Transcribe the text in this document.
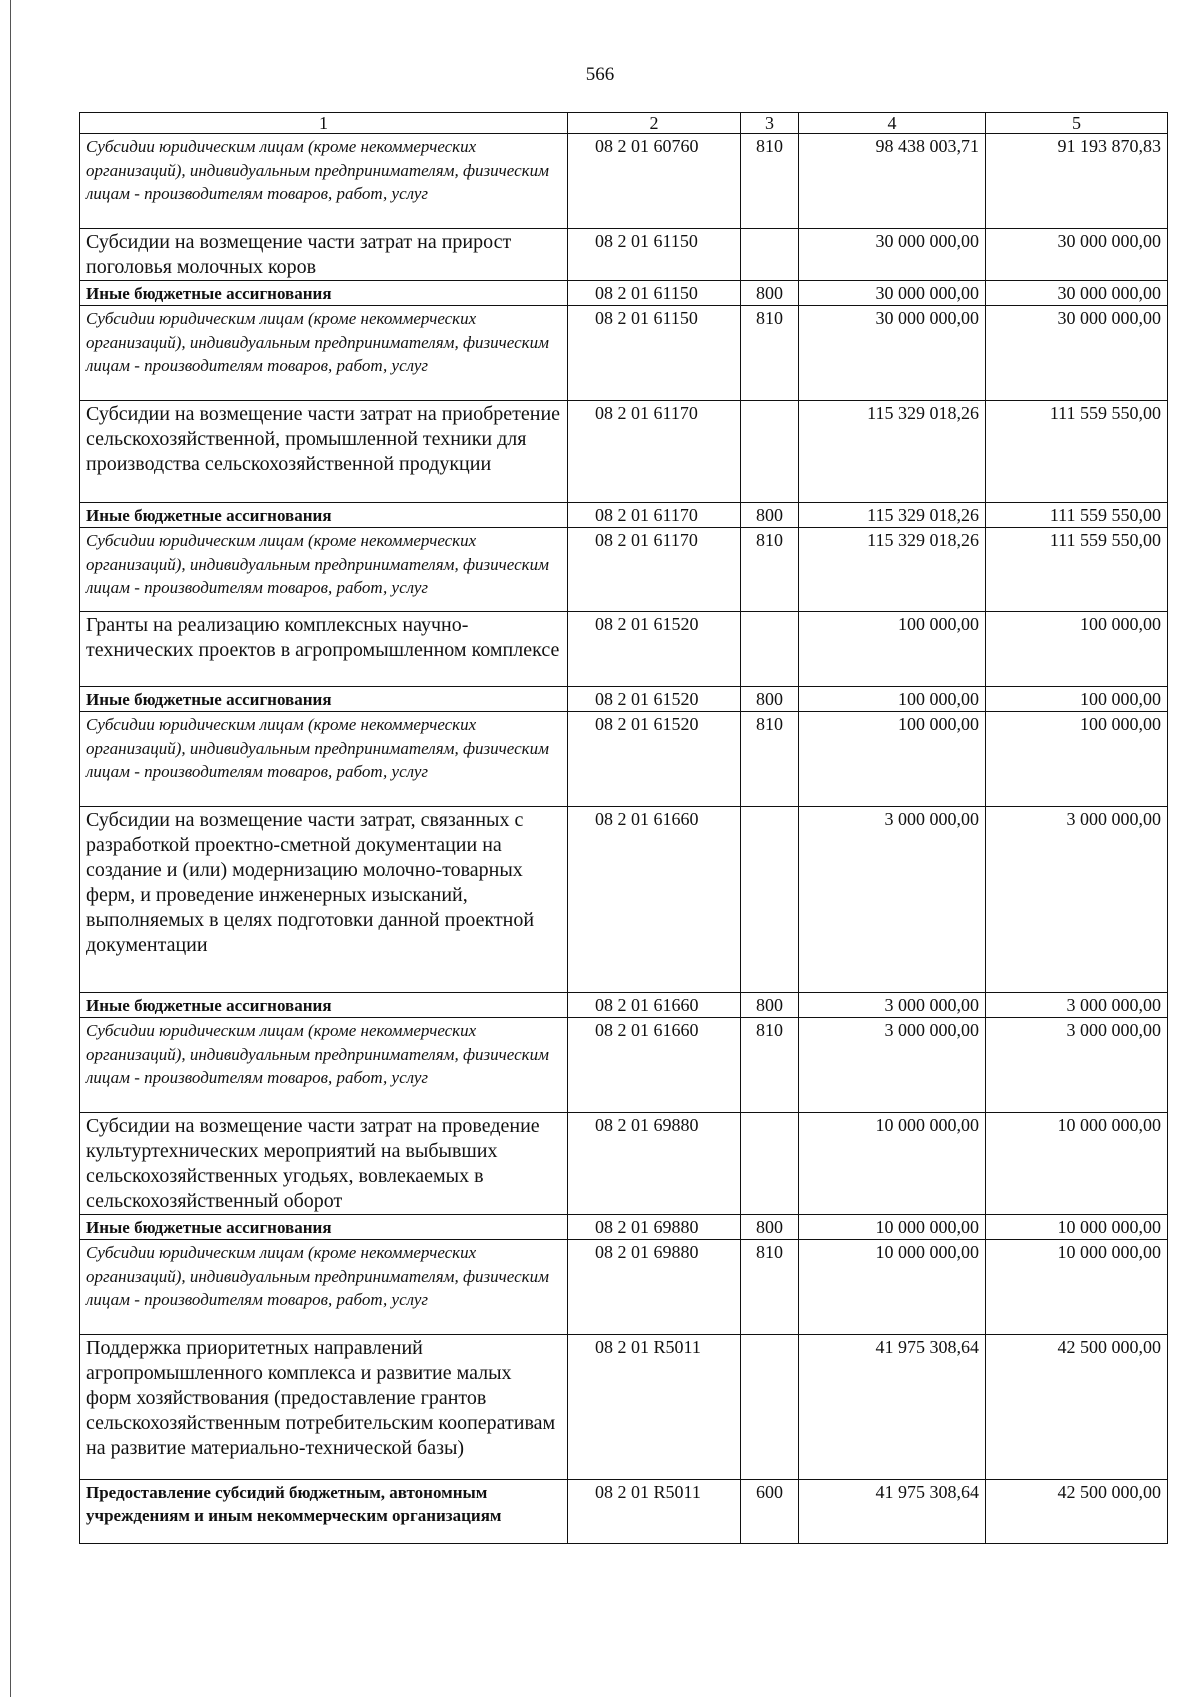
566
1	2	3	4	5
Субсидии юридическим лицам (кроме некоммерческих организаций), индивидуальным предпринимателям, физическим лицам - производителям товаров, работ, услуг	08 2 01 60760	810	98 438 003,71	91 193 870,83
Субсидии на возмещение части затрат на прирост поголовья молочных коров	08 2 01 61150		30 000 000,00	30 000 000,00
Иные бюджетные ассигнования	08 2 01 61150	800	30 000 000,00	30 000 000,00
Субсидии юридическим лицам (кроме некоммерческих организаций), индивидуальным предпринимателям, физическим лицам - производителям товаров, работ, услуг	08 2 01 61150	810	30 000 000,00	30 000 000,00
Субсидии на возмещение части затрат на приобретение сельскохозяйственной, промышленной техники для производства сельскохозяйственной продукции	08 2 01 61170		115 329 018,26	111 559 550,00
Иные бюджетные ассигнования	08 2 01 61170	800	115 329 018,26	111 559 550,00
Субсидии юридическим лицам (кроме некоммерческих организаций), индивидуальным предпринимателям, физическим лицам - производителям товаров, работ, услуг	08 2 01 61170	810	115 329 018,26	111 559 550,00
Гранты на реализацию комплексных научно-технических проектов в агропромышленном комплексе	08 2 01 61520		100 000,00	100 000,00
Иные бюджетные ассигнования	08 2 01 61520	800	100 000,00	100 000,00
Субсидии юридическим лицам (кроме некоммерческих организаций), индивидуальным предпринимателям, физическим лицам - производителям товаров, работ, услуг	08 2 01 61520	810	100 000,00	100 000,00
Субсидии на возмещение части затрат, связанных с разработкой проектно-сметной документации на создание и (или) модернизацию молочно-товарных ферм, и проведение инженерных изысканий, выполняемых в целях подготовки данной проектной документации	08 2 01 61660		3 000 000,00	3 000 000,00
Иные бюджетные ассигнования	08 2 01 61660	800	3 000 000,00	3 000 000,00
Субсидии юридическим лицам (кроме некоммерческих организаций), индивидуальным предпринимателям, физическим лицам - производителям товаров, работ, услуг	08 2 01 61660	810	3 000 000,00	3 000 000,00
Субсидии на возмещение части затрат на проведение культуртехнических мероприятий на выбывших сельскохозяйственных угодьях, вовлекаемых в сельскохозяйственный оборот	08 2 01 69880		10 000 000,00	10 000 000,00
Иные бюджетные ассигнования	08 2 01 69880	800	10 000 000,00	10 000 000,00
Субсидии юридическим лицам (кроме некоммерческих организаций), индивидуальным предпринимателям, физическим лицам - производителям товаров, работ, услуг	08 2 01 69880	810	10 000 000,00	10 000 000,00
Поддержка приоритетных направлений агропромышленного комплекса и развитие малых форм хозяйствования (предоставление грантов сельскохозяйственным потребительским кооперативам на развитие материально-технической базы)	08 2 01 R5011		41 975 308,64	42 500 000,00
Предоставление субсидий бюджетным, автономным учреждениям и иным некоммерческим организациям	08 2 01 R5011	600	41 975 308,64	42 500 000,00
